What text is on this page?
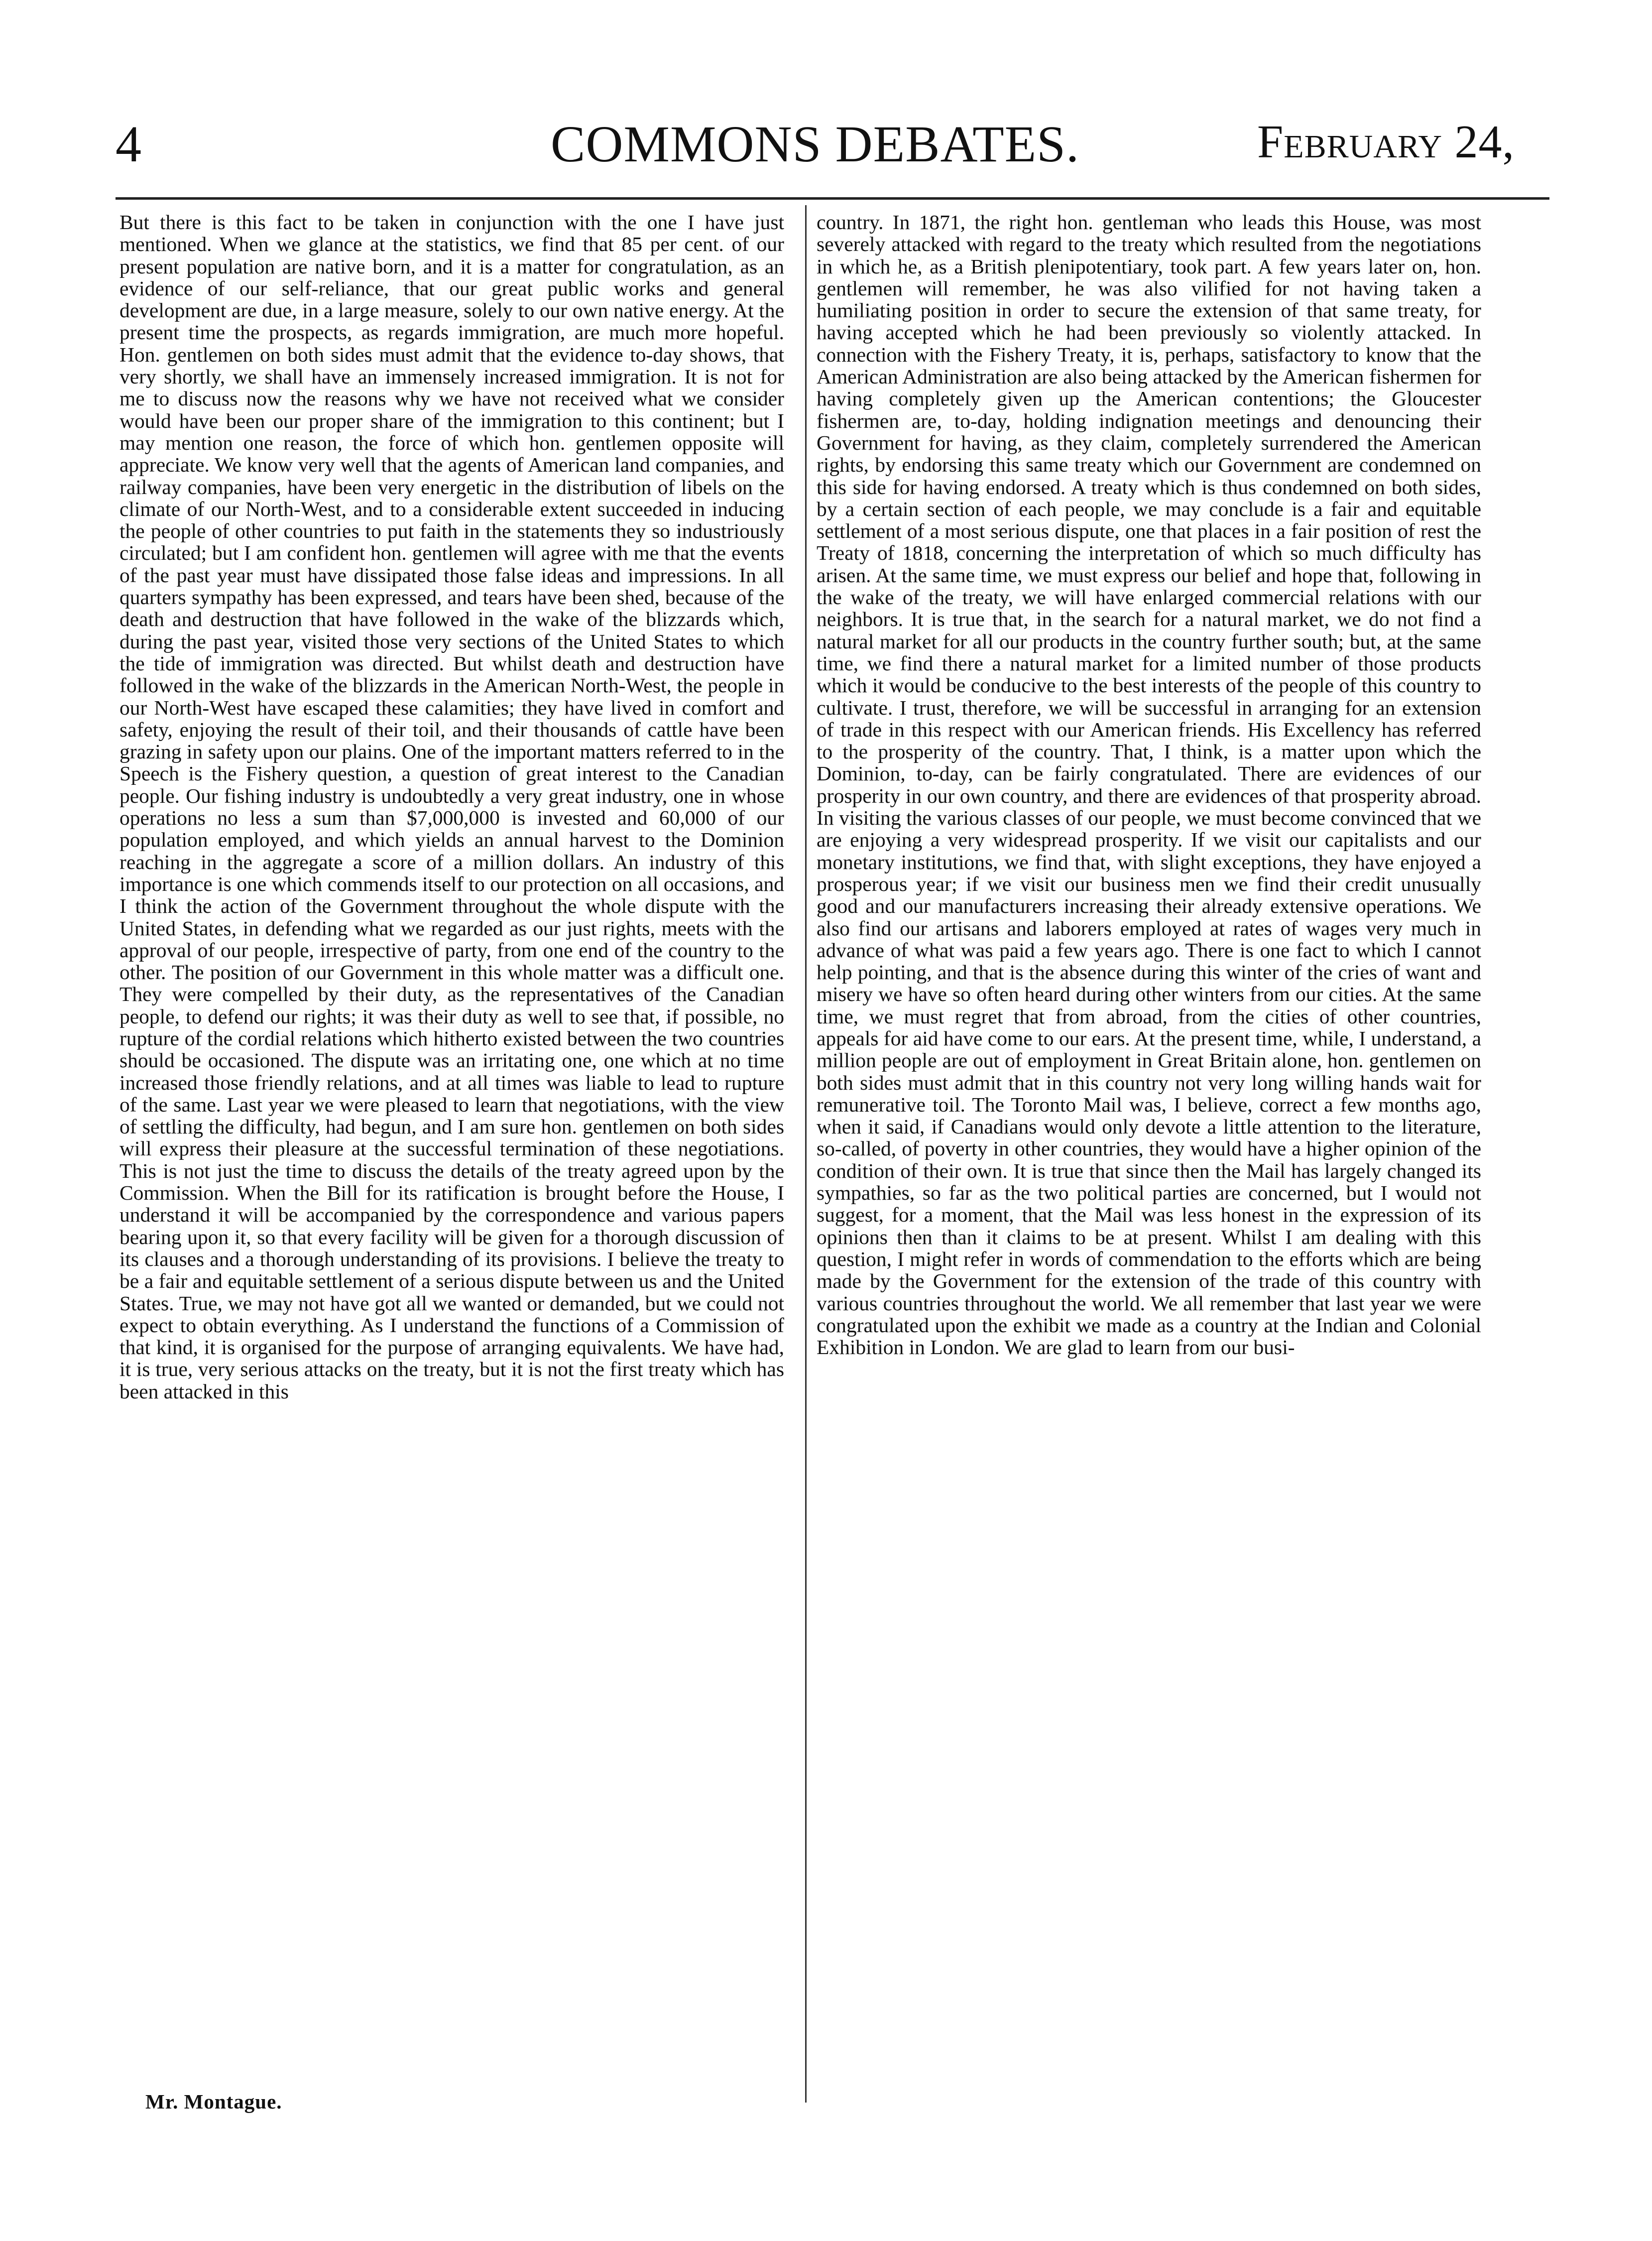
4	COMMONS DEBATES.	February 24,

But there is this fact to be taken in conjunction with the one I have just mentioned. When we glance at the statistics, we find that 85 per cent. of our present population are native born, and it is a matter for congratulation, as an evidence of our self-reliance, that our great public works and general development are due, in a large measure, solely to our own native energy. At the present time the prospects, as regards immigration, are much more hopeful. Hon. gentlemen on both sides must admit that the evidence to-day shows, that very shortly, we shall have an immensely increased immigration. It is not for me to discuss now the reasons why we have not received what we consider would have been our proper share of the immigration to this continent; but I may mention one reason, the force of which hon. gentlemen opposite will appreciate. We know very well that the agents of American land companies, and railway companies, have been very energetic in the distribution of libels on the climate of our North-West, and to a considerable extent succeeded in inducing the people of other countries to put faith in the statements they so industriously circulated; but I am confident hon. gentlemen will agree with me that the events of the past year must have dissipated those false ideas and impressions. In all quarters sympathy has been expressed, and tears have been shed, because of the death and destruction that have followed in the wake of the blizzards which, during the past year, visited those very sections of the United States to which the tide of immigration was directed. But whilst death and destruction have followed in the wake of the blizzards in the American North-West, the people in our North-West have escaped these calamities; they have lived in comfort and safety, enjoying the result of their toil, and their thousands of cattle have been grazing in safety upon our plains. One of the important matters referred to in the Speech is the Fishery question, a question of great interest to the Canadian people. Our fishing industry is undoubtedly a very great industry, one in whose operations no less a sum than $7,000,000 is invested and 60,000 of our population employed, and which yields an annual harvest to the Dominion reaching in the aggregate a score of a million dollars. An industry of this importance is one which commends itself to our protection on all occasions, and I think the action of the Government throughout the whole dispute with the United States, in defending what we regarded as our just rights, meets with the approval of our people, irrespective of party, from one end of the country to the other. The position of our Government in this whole matter was a difficult one. They were compelled by their duty, as the representatives of the Canadian people, to defend our rights; it was their duty as well to see that, if possible, no rupture of the cordial relations which hitherto existed between the two countries should be occasioned. The dispute was an irritating one, one which at no time increased those friendly relations, and at all times was liable to lead to rupture of the same. Last year we were pleased to learn that negotiations, with the view of settling the difficulty, had begun, and I am sure hon. gentlemen on both sides will express their pleasure at the successful termination of these negotiations. This is not just the time to discuss the details of the treaty agreed upon by the Commission. When the Bill for its ratification is brought before the House, I understand it will be accompanied by the correspondence and various papers bearing upon it, so that every facility will be given for a thorough discussion of its clauses and a thorough understanding of its provisions. I believe the treaty to be a fair and equitable settlement of a serious dispute between us and the United States. True, we may not have got all we wanted or demanded, but we could not expect to obtain everything. As I understand the functions of a Commission of that kind, it is organised for the purpose of arranging equivalents. We have had, it is true, very serious attacks on the treaty, but it is not the first treaty which has been attacked in this

country. In 1871, the right hon. gentleman who leads this House, was most severely attacked with regard to the treaty which resulted from the negotiations in which he, as a British plenipotentiary, took part. A few years later on, hon. gentlemen will remember, he was also vilified for not having taken a humiliating position in order to secure the extension of that same treaty, for having accepted which he had been previously so violently attacked. In connection with the Fishery Treaty, it is, perhaps, satisfactory to know that the American Administration are also being attacked by the American fishermen for having completely given up the American contentions; the Gloucester fishermen are, to-day, holding indignation meetings and denouncing their Government for having, as they claim, completely surrendered the American rights, by endorsing this same treaty which our Government are condemned on this side for having endorsed. A treaty which is thus condemned on both sides, by a certain section of each people, we may conclude is a fair and equitable settlement of a most serious dispute, one that places in a fair position of rest the Treaty of 1818, concerning the interpretation of which so much difficulty has arisen. At the same time, we must express our belief and hope that, following in the wake of the treaty, we will have enlarged commercial relations with our neighbors. It is true that, in the search for a natural market, we do not find a natural market for all our products in the country further south; but, at the same time, we find there a natural market for a limited number of those products which it would be conducive to the best interests of the people of this country to cultivate. I trust, therefore, we will be successful in arranging for an extension of trade in this respect with our American friends. His Excellency has referred to the prosperity of the country. That, I think, is a matter upon which the Dominion, to-day, can be fairly congratulated. There are evidences of our prosperity in our own country, and there are evidences of that prosperity abroad. In visiting the various classes of our people, we must become convinced that we are enjoying a very widespread prosperity. If we visit our capitalists and our monetary institutions, we find that, with slight exceptions, they have enjoyed a prosperous year; if we visit our business men we find their credit unusually good and our manufacturers increasing their already extensive operations. We also find our artisans and laborers employed at rates of wages very much in advance of what was paid a few years ago. There is one fact to which I cannot help pointing, and that is the absence during this winter of the cries of want and misery we have so often heard during other winters from our cities. At the same time, we must regret that from abroad, from the cities of other countries, appeals for aid have come to our ears. At the present time, while, I understand, a million people are out of employment in Great Britain alone, hon. gentlemen on both sides must admit that in this country not very long willing hands wait for remunerative toil. The Toronto Mail was, I believe, correct a few months ago, when it said, if Canadians would only devote a little attention to the literature, so-called, of poverty in other countries, they would have a higher opinion of the condition of their own. It is true that since then the Mail has largely changed its sympathies, so far as the two political parties are concerned, but I would not suggest, for a moment, that the Mail was less honest in the expression of its opinions then than it claims to be at present. Whilst I am dealing with this question, I might refer in words of commendation to the efforts which are being made by the Government for the extension of the trade of this country with various countries throughout the world. We all remember that last year we were congratulated upon the exhibit we made as a country at the Indian and Colonial Exhibition in London. We are glad to learn from our busi-

Mr. Montague.
